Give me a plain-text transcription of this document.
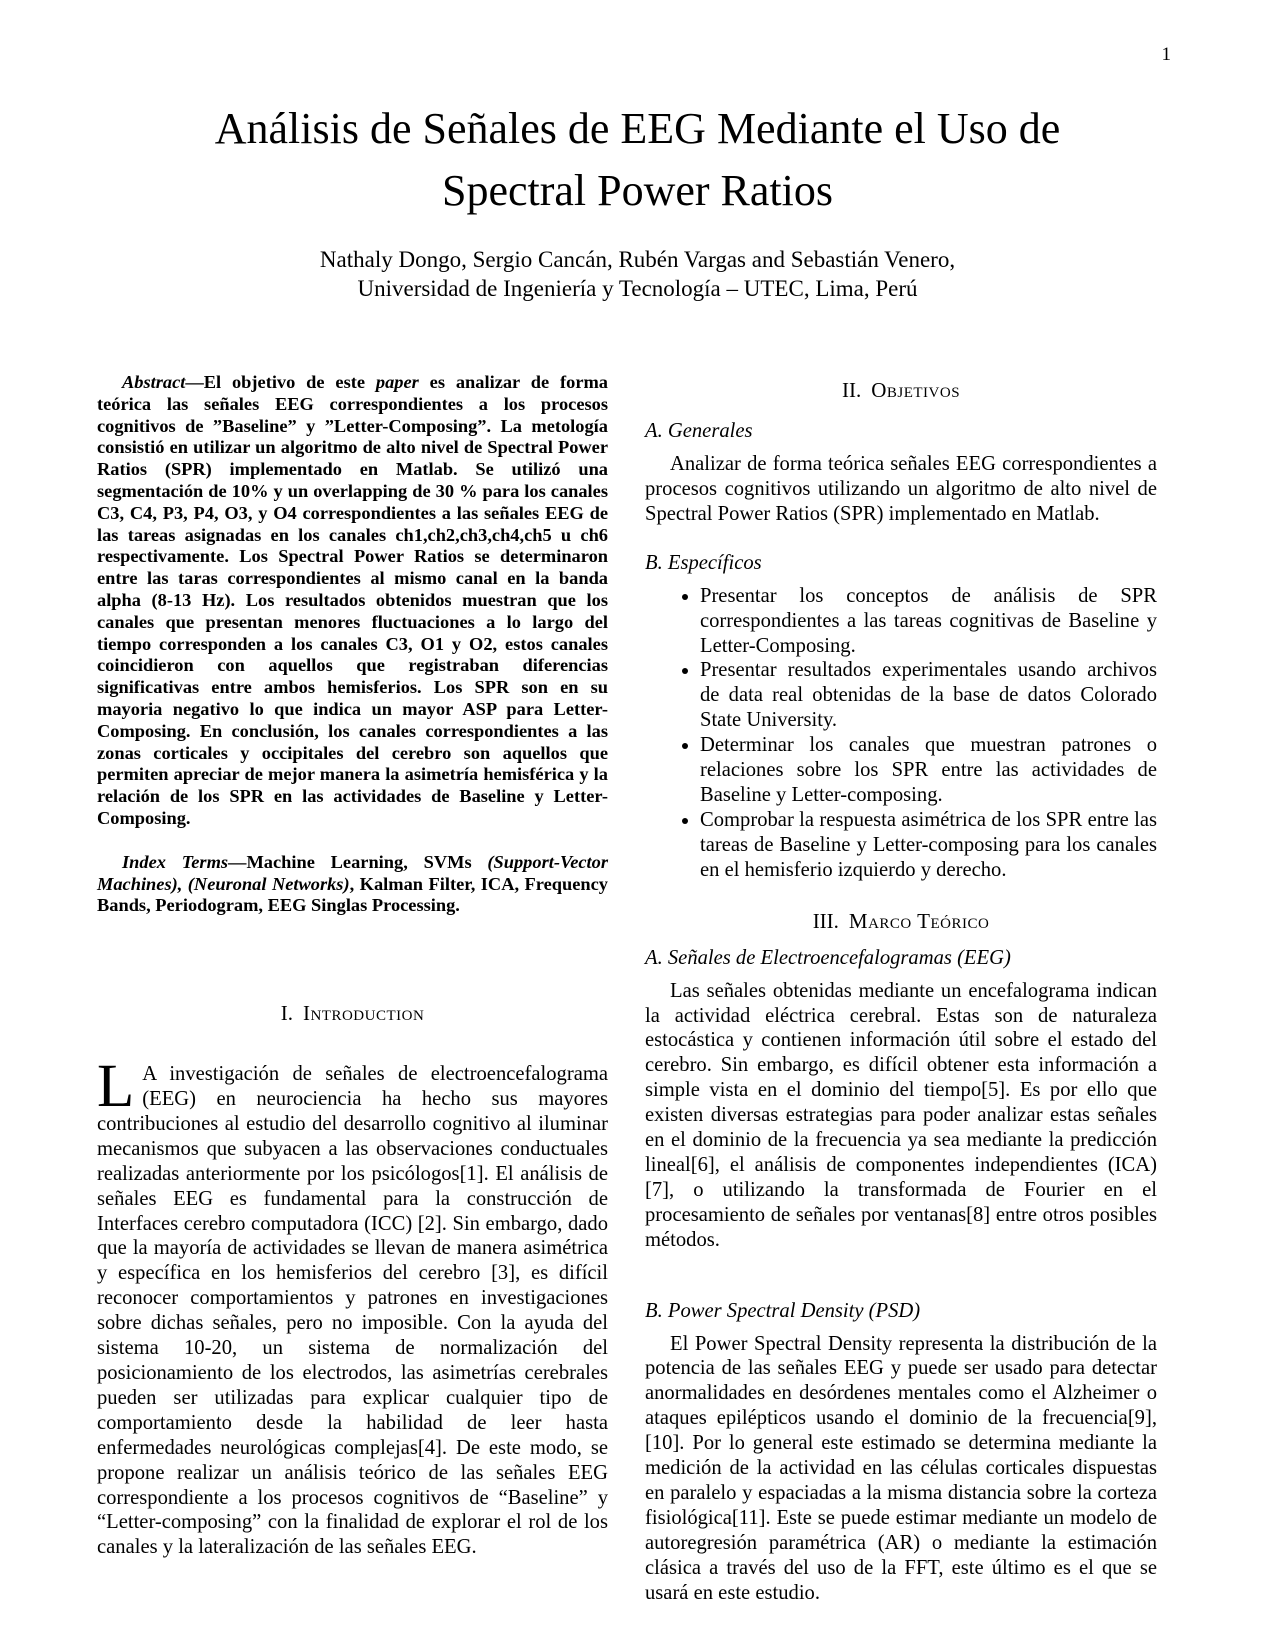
1
Análisis de Señales de EEG Mediante el Uso de
Spectral Power Ratios
Nathaly Dongo, Sergio Cancán, Rubén Vargas and Sebastián Venero,
Universidad de Ingeniería y Tecnología – UTEC, Lima, Perú

Abstract—El objetivo de este paper es analizar de forma teórica las señales EEG correspondientes a los procesos cognitivos de ”Baseline” y ”Letter-Composing”. La metología consistió en utilizar un algoritmo de alto nivel de Spectral Power Ratios (SPR) implementado en Matlab. Se utilizó una segmentación de 10% y un overlapping de 30 % para los canales C3, C4, P3, P4, O3, y O4 correspondientes a las señales EEG de las tareas asignadas en los canales ch1,ch2,ch3,ch4,ch5 u ch6 respectivamente. Los Spectral Power Ratios se determinaron entre las taras correspondientes al mismo canal en la banda alpha (8-13 Hz). Los resultados obtenidos muestran que los canales que presentan menores fluctuaciones a lo largo del tiempo corresponden a los canales C3, O1 y O2, estos canales coincidieron con aquellos que registraban diferencias significativas entre ambos hemisferios. Los SPR son en su mayoria negativo lo que indica un mayor ASP para Letter-Composing. En conclusión, los canales correspondientes a las zonas corticales y occipitales del cerebro son aquellos que permiten apreciar de mejor manera la asimetría hemisférica y la relación de los SPR en las actividades de Baseline y Letter-Composing.

Index Terms—Machine Learning, SVMs (Support-Vector Machines), (Neuronal Networks), Kalman Filter, ICA, Frequency Bands, Periodogram, EEG Singlas Processing.

I. Introduction

L A investigación de señales de electroencefalograma (EEG) en neurociencia ha hecho sus mayores contribuciones al estudio del desarrollo cognitivo al iluminar mecanismos que subyacen a las observaciones conductuales realizadas anteriormente por los psicólogos[1]. El análisis de señales EEG es fundamental para la construcción de Interfaces cerebro computadora (ICC) [2]. Sin embargo, dado que la mayoría de actividades se llevan de manera asimétrica y específica en los hemisferios del cerebro [3], es difícil reconocer comportamientos y patrones en investigaciones sobre dichas señales, pero no imposible. Con la ayuda del sistema 10-20, un sistema de normalización del posicionamiento de los electrodos, las asimetrías cerebrales pueden ser utilizadas para explicar cualquier tipo de comportamiento desde la habilidad de leer hasta enfermedades neurológicas complejas[4]. De este modo, se propone realizar un análisis teórico de las señales EEG correspondiente a los procesos cognitivos de “Baseline” y “Letter-composing” con la finalidad de explorar el rol de los canales y la lateralización de las señales EEG.

II. Objetivos
A. Generales

Analizar de forma teórica señales EEG correspondientes a procesos cognitivos utilizando un algoritmo de alto nivel de Spectral Power Ratios (SPR) implementado en Matlab.

B. Específicos
• Presentar los conceptos de análisis de SPR correspondientes a las tareas cognitivas de Baseline y Letter-Composing.
• Presentar resultados experimentales usando archivos de data real obtenidas de la base de datos Colorado State University.
• Determinar los canales que muestran patrones o relaciones sobre los SPR entre las actividades de Baseline y Letter-composing.
• Comprobar la respuesta asimétrica de los SPR entre las tareas de Baseline y Letter-composing para los canales en el hemisferio izquierdo y derecho.
III. Marco Teórico
A. Señales de Electroencefalogramas (EEG)

Las señales obtenidas mediante un encefalograma indican la actividad eléctrica cerebral. Estas son de naturaleza estocástica y contienen información útil sobre el estado del cerebro. Sin embargo, es difícil obtener esta información a simple vista en el dominio del tiempo[5]. Es por ello que existen diversas estrategias para poder analizar estas señales en el dominio de la frecuencia ya sea mediante la predicción lineal[6], el análisis de componentes independientes (ICA)[7], o utilizando la transformada de Fourier en el procesamiento de señales por ventanas[8] entre otros posibles métodos.

B. Power Spectral Density (PSD)

El Power Spectral Density representa la distribución de la potencia de las señales EEG y puede ser usado para detectar anormalidades en desórdenes mentales como el Alzheimer o ataques epilépticos usando el dominio de la frecuencia[9],[10]. Por lo general este estimado se determina mediante la medición de la actividad en las células corticales dispuestas en paralelo y espaciadas a la misma distancia sobre la corteza fisiológica[11]. Este se puede estimar mediante un modelo de autoregresión paramétrica (AR) o mediante la estimación clásica a través del uso de la FFT, este último es el que se usará en este estudio.
